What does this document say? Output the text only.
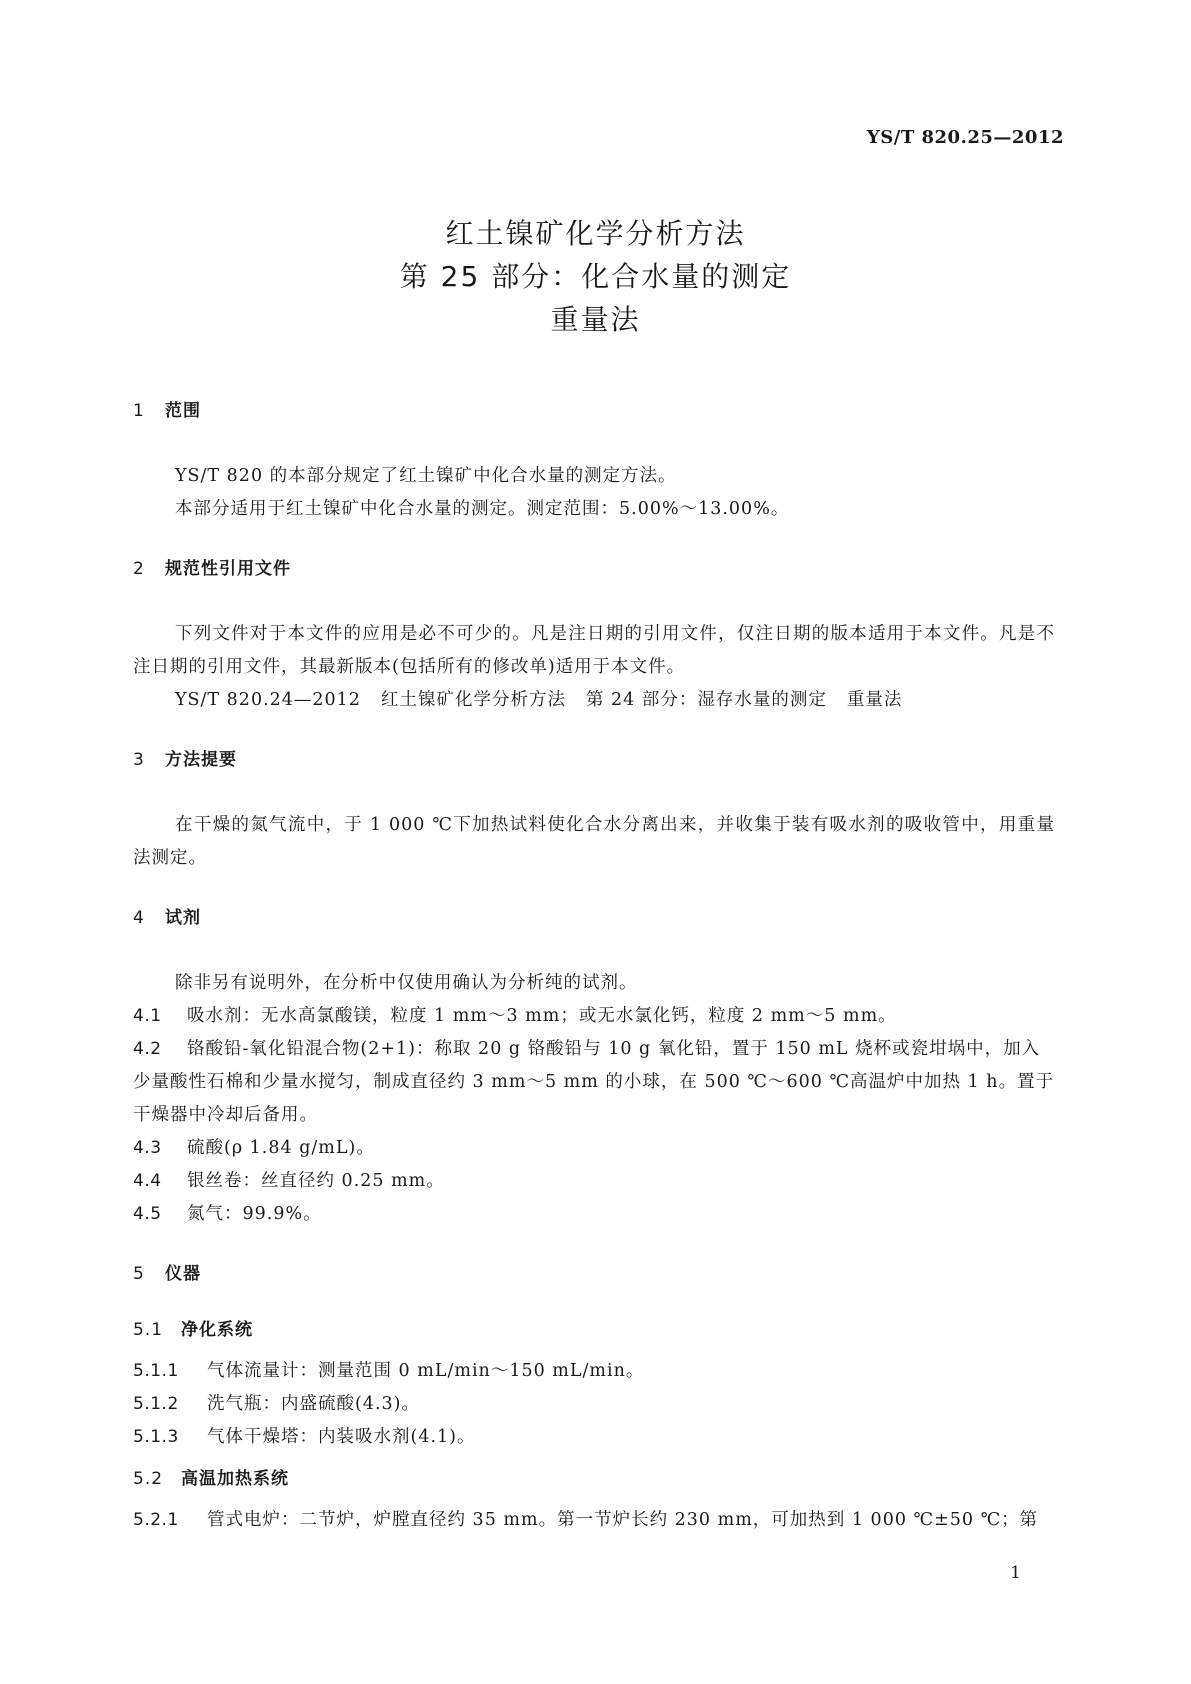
YS/T 820.25—2012
红土镍矿化学分析方法
第 25 部分：化合水量的测定
重量法
1 范围

YS/T 820 的本部分规定了红土镍矿中化合水量的测定方法。

本部分适用于红土镍矿中化合水量的测定。测定范围：5.00%～13.00%。

2 规范性引用文件

下列文件对于本文件的应用是必不可少的。凡是注日期的引用文件，仅注日期的版本适用于本文件。凡是不注日期的引用文件，其最新版本(包括所有的修改单)适用于本文件。

YS/T 820.24—2012 红土镍矿化学分析方法 第 24 部分：湿存水量的测定 重量法

3 方法提要

在干燥的氮气流中，于 1 000 ℃下加热试料使化合水分离出来，并收集于装有吸水剂的吸收管中，用重量法测定。

4 试剂

除非另有说明外，在分析中仅使用确认为分析纯的试剂。

4.1 吸水剂：无水高氯酸镁，粒度 1 mm～3 mm；或无水氯化钙，粒度 2 mm～5 mm。

4.2 铬酸铅-氧化铅混合物(2+1)：称取 20 g 铬酸铅与 10 g 氧化铅，置于 150 mL 烧杯或瓷坩埚中，加入少量酸性石棉和少量水搅匀，制成直径约 3 mm～5 mm 的小球，在 500 ℃～600 ℃高温炉中加热 1 h。置于干燥器中冷却后备用。

4.3 硫酸(ρ 1.84 g/mL)。

4.4 银丝卷：丝直径约 0.25 mm。

4.5 氮气：99.9%。

5 仪器
5.1 净化系统

5.1.1 气体流量计：测量范围 0 mL/min～150 mL/min。

5.1.2 洗气瓶：内盛硫酸(4.3)。

5.1.3 气体干燥塔：内装吸水剂(4.1)。

5.2 高温加热系统

5.2.1 管式电炉：二节炉，炉膛直径约 35 mm。第一节炉长约 230 mm，可加热到 1 000 ℃±50 ℃；第

1
